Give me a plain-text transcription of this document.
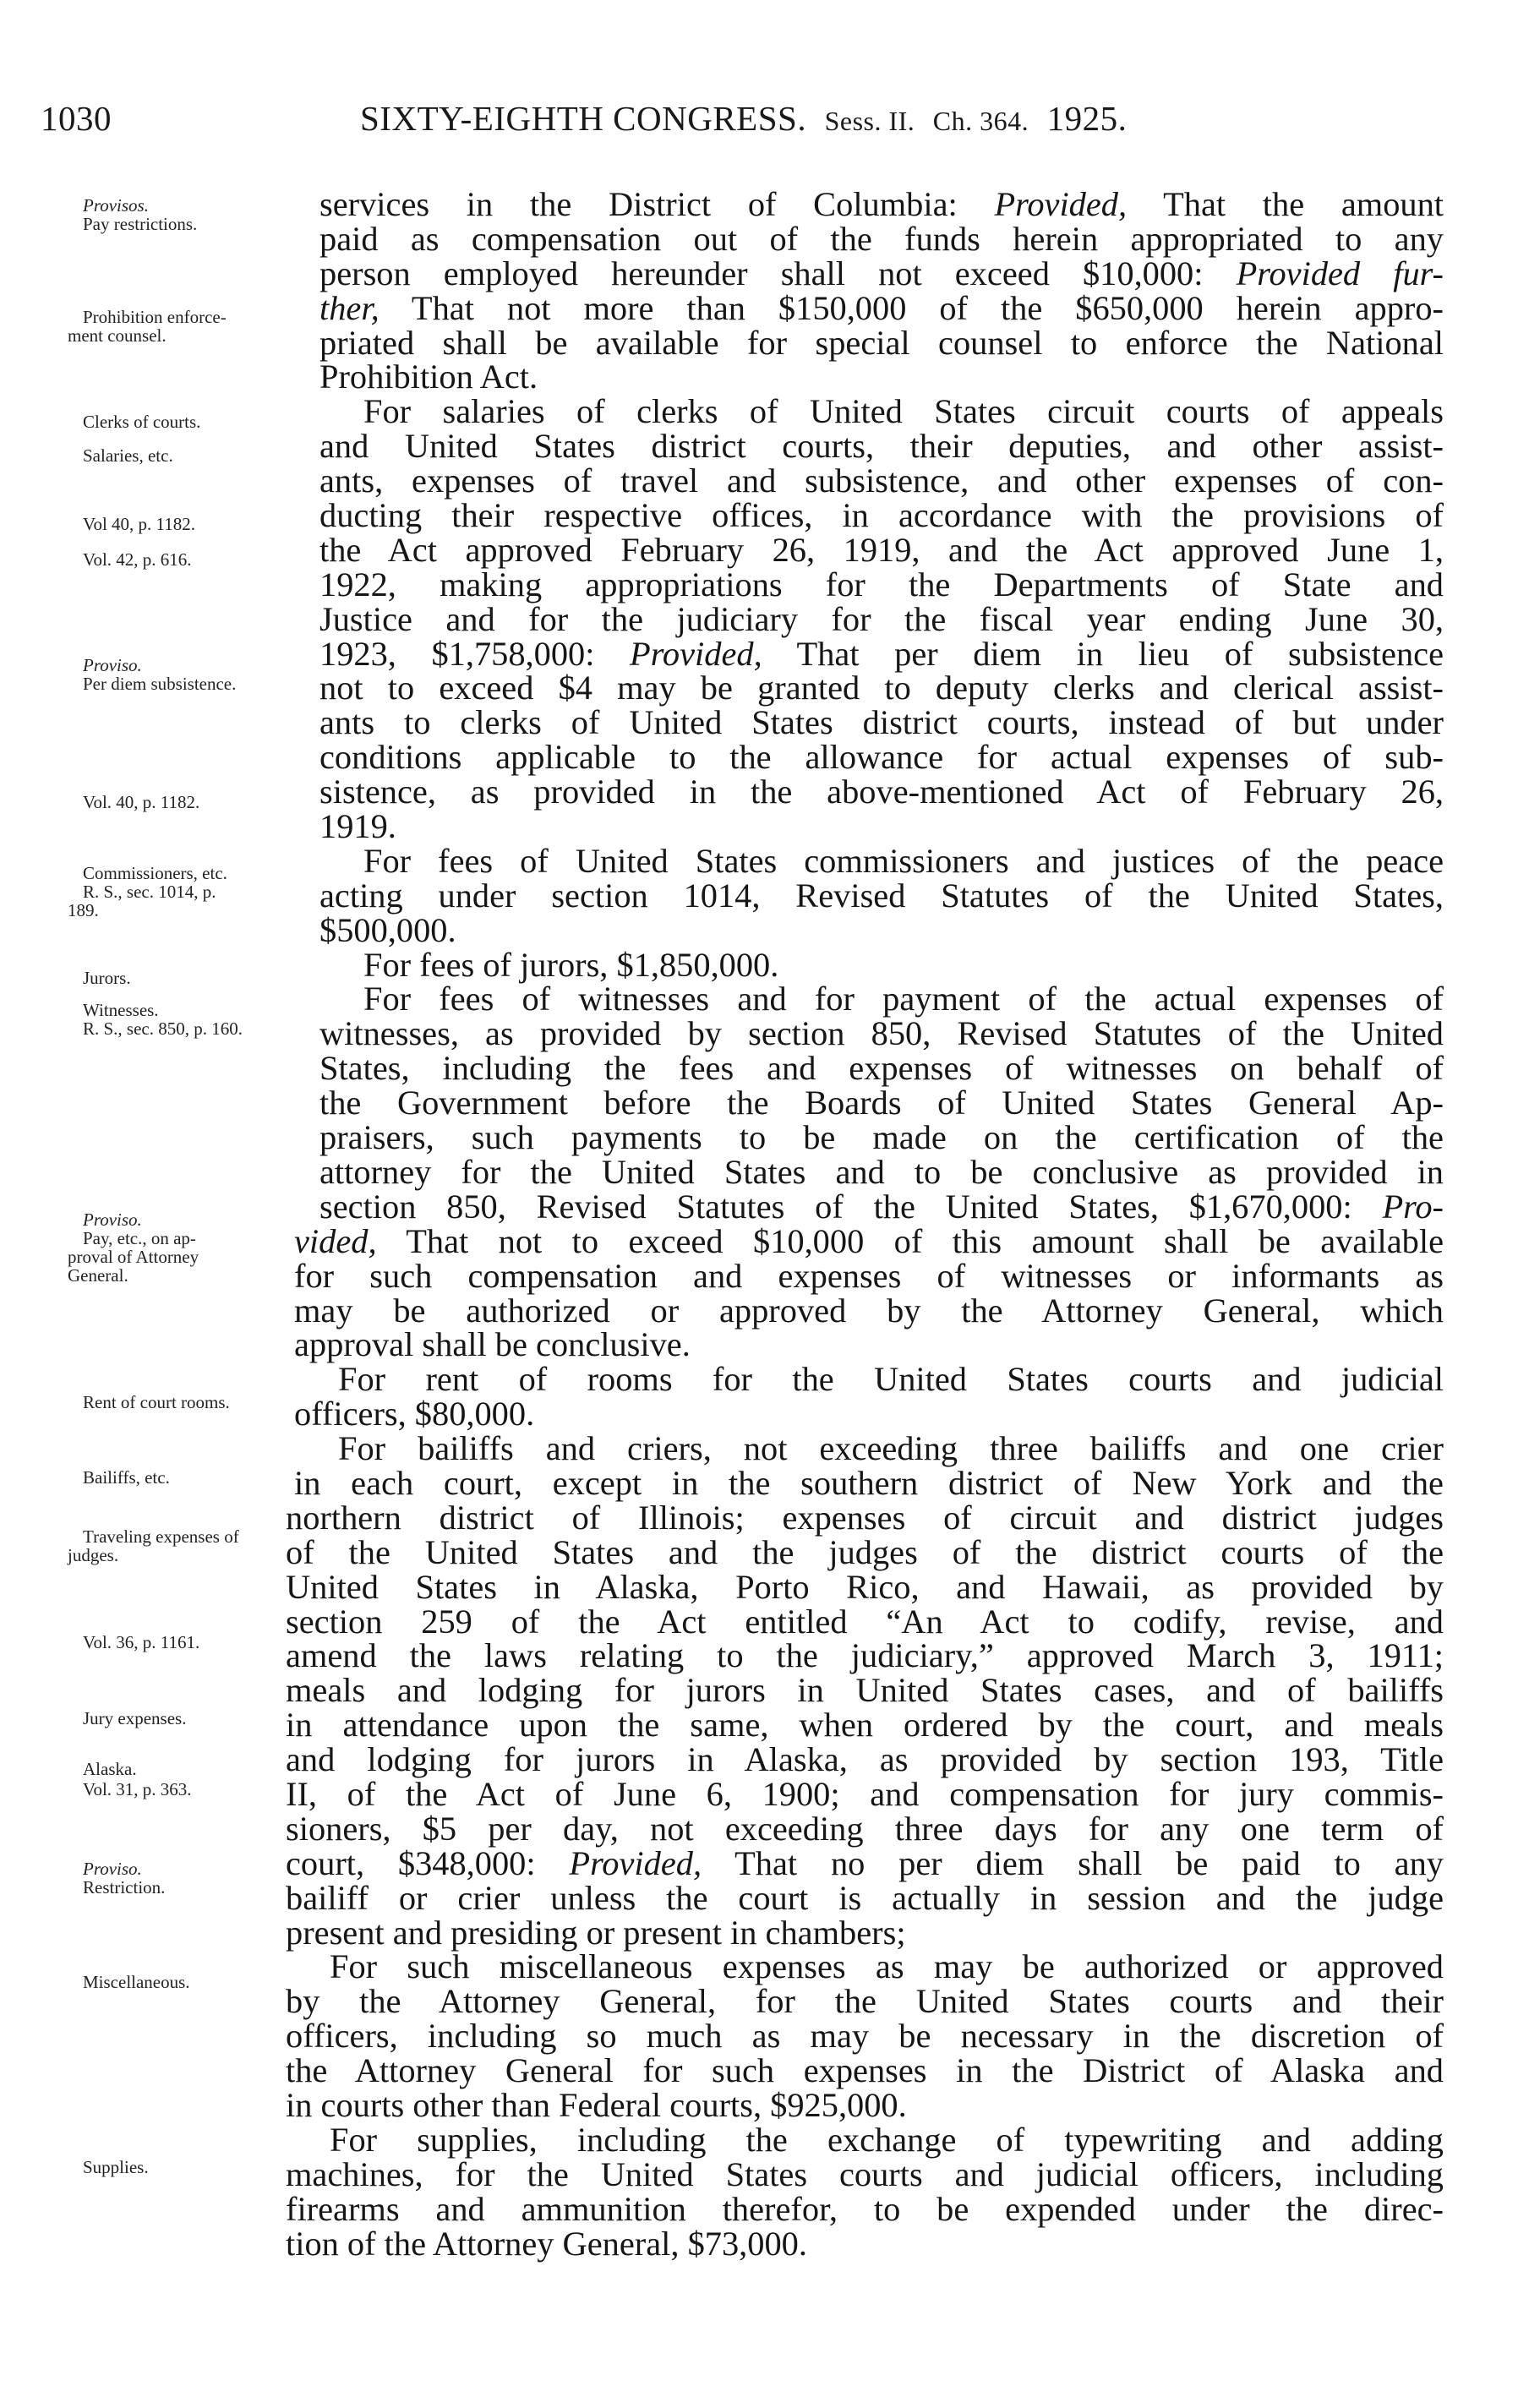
1030	SIXTY-EIGHTH CONGRESS. Sess. II. Ch. 364. 1925.
Provisos.
Pay restrictions.
Prohibition enforce-
ment counsel.
Clerks of courts.
Salaries, etc.
Vol 40, p. 1182.
Vol. 42, p. 616.
Proviso.
Per diem subsistence.
Vol. 40, p. 1182.
Commissioners, etc.
R. S., sec. 1014, p.
189.
Jurors.
Witnesses.
R. S., sec. 850, p. 160.
Proviso.
Pay, etc., on ap-
proval of Attorney
General.
Rent of court rooms.
Bailiffs, etc.
Traveling expenses of
judges.
Vol. 36, p. 1161.
Jury expenses.
Alaska.
Vol. 31, p. 363.
Proviso.
Restriction.
Miscellaneous.
Supplies.
services in the District of Columbia: Provided, That the amount
paid as compensation out of the funds herein appropriated to any
person employed hereunder shall not exceed $10,000: Provided fur-
ther, That not more than $150,000 of the $650,000 herein appro-
priated shall be available for special counsel to enforce the National
Prohibition Act.
For salaries of clerks of United States circuit courts of appeals
and United States district courts, their deputies, and other assist-
ants, expenses of travel and subsistence, and other expenses of con-
ducting their respective offices, in accordance with the provisions of
the Act approved February 26, 1919, and the Act approved June 1,
1922, making appropriations for the Departments of State and
Justice and for the judiciary for the fiscal year ending June 30,
1923, $1,758,000: Provided, That per diem in lieu of subsistence
not to exceed $4 may be granted to deputy clerks and clerical assist-
ants to clerks of United States district courts, instead of but under
conditions applicable to the allowance for actual expenses of sub-
sistence, as provided in the above-mentioned Act of February 26,
1919.
For fees of United States commissioners and justices of the peace
acting under section 1014, Revised Statutes of the United States,
$500,000.
For fees of jurors, $1,850,000.
For fees of witnesses and for payment of the actual expenses of
witnesses, as provided by section 850, Revised Statutes of the United
States, including the fees and expenses of witnesses on behalf of
the Government before the Boards of United States General Ap-
praisers, such payments to be made on the certification of the
attorney for the United States and to be conclusive as provided in
section 850, Revised Statutes of the United States, $1,670,000: Pro-
vided, That not to exceed $10,000 of this amount shall be available
for such compensation and expenses of witnesses or informants as
may be authorized or approved by the Attorney General, which
approval shall be conclusive.
For rent of rooms for the United States courts and judicial
officers, $80,000.
For bailiffs and criers, not exceeding three bailiffs and one crier
in each court, except in the southern district of New York and the
northern district of Illinois; expenses of circuit and district judges
of the United States and the judges of the district courts of the
United States in Alaska, Porto Rico, and Hawaii, as provided by
section 259 of the Act entitled “An Act to codify, revise, and
amend the laws relating to the judiciary,” approved March 3, 1911;
meals and lodging for jurors in United States cases, and of bailiffs
in attendance upon the same, when ordered by the court, and meals
and lodging for jurors in Alaska, as provided by section 193, Title
II, of the Act of June 6, 1900; and compensation for jury commis-
sioners, $5 per day, not exceeding three days for any one term of
court, $348,000: Provided, That no per diem shall be paid to any
bailiff or crier unless the court is actually in session and the judge
present and presiding or present in chambers;
For such miscellaneous expenses as may be authorized or approved
by the Attorney General, for the United States courts and their
officers, including so much as may be necessary in the discretion of
the Attorney General for such expenses in the District of Alaska and
in courts other than Federal courts, $925,000.
For supplies, including the exchange of typewriting and adding
machines, for the United States courts and judicial officers, including
firearms and ammunition therefor, to be expended under the direc-
tion of the Attorney General, $73,000.
